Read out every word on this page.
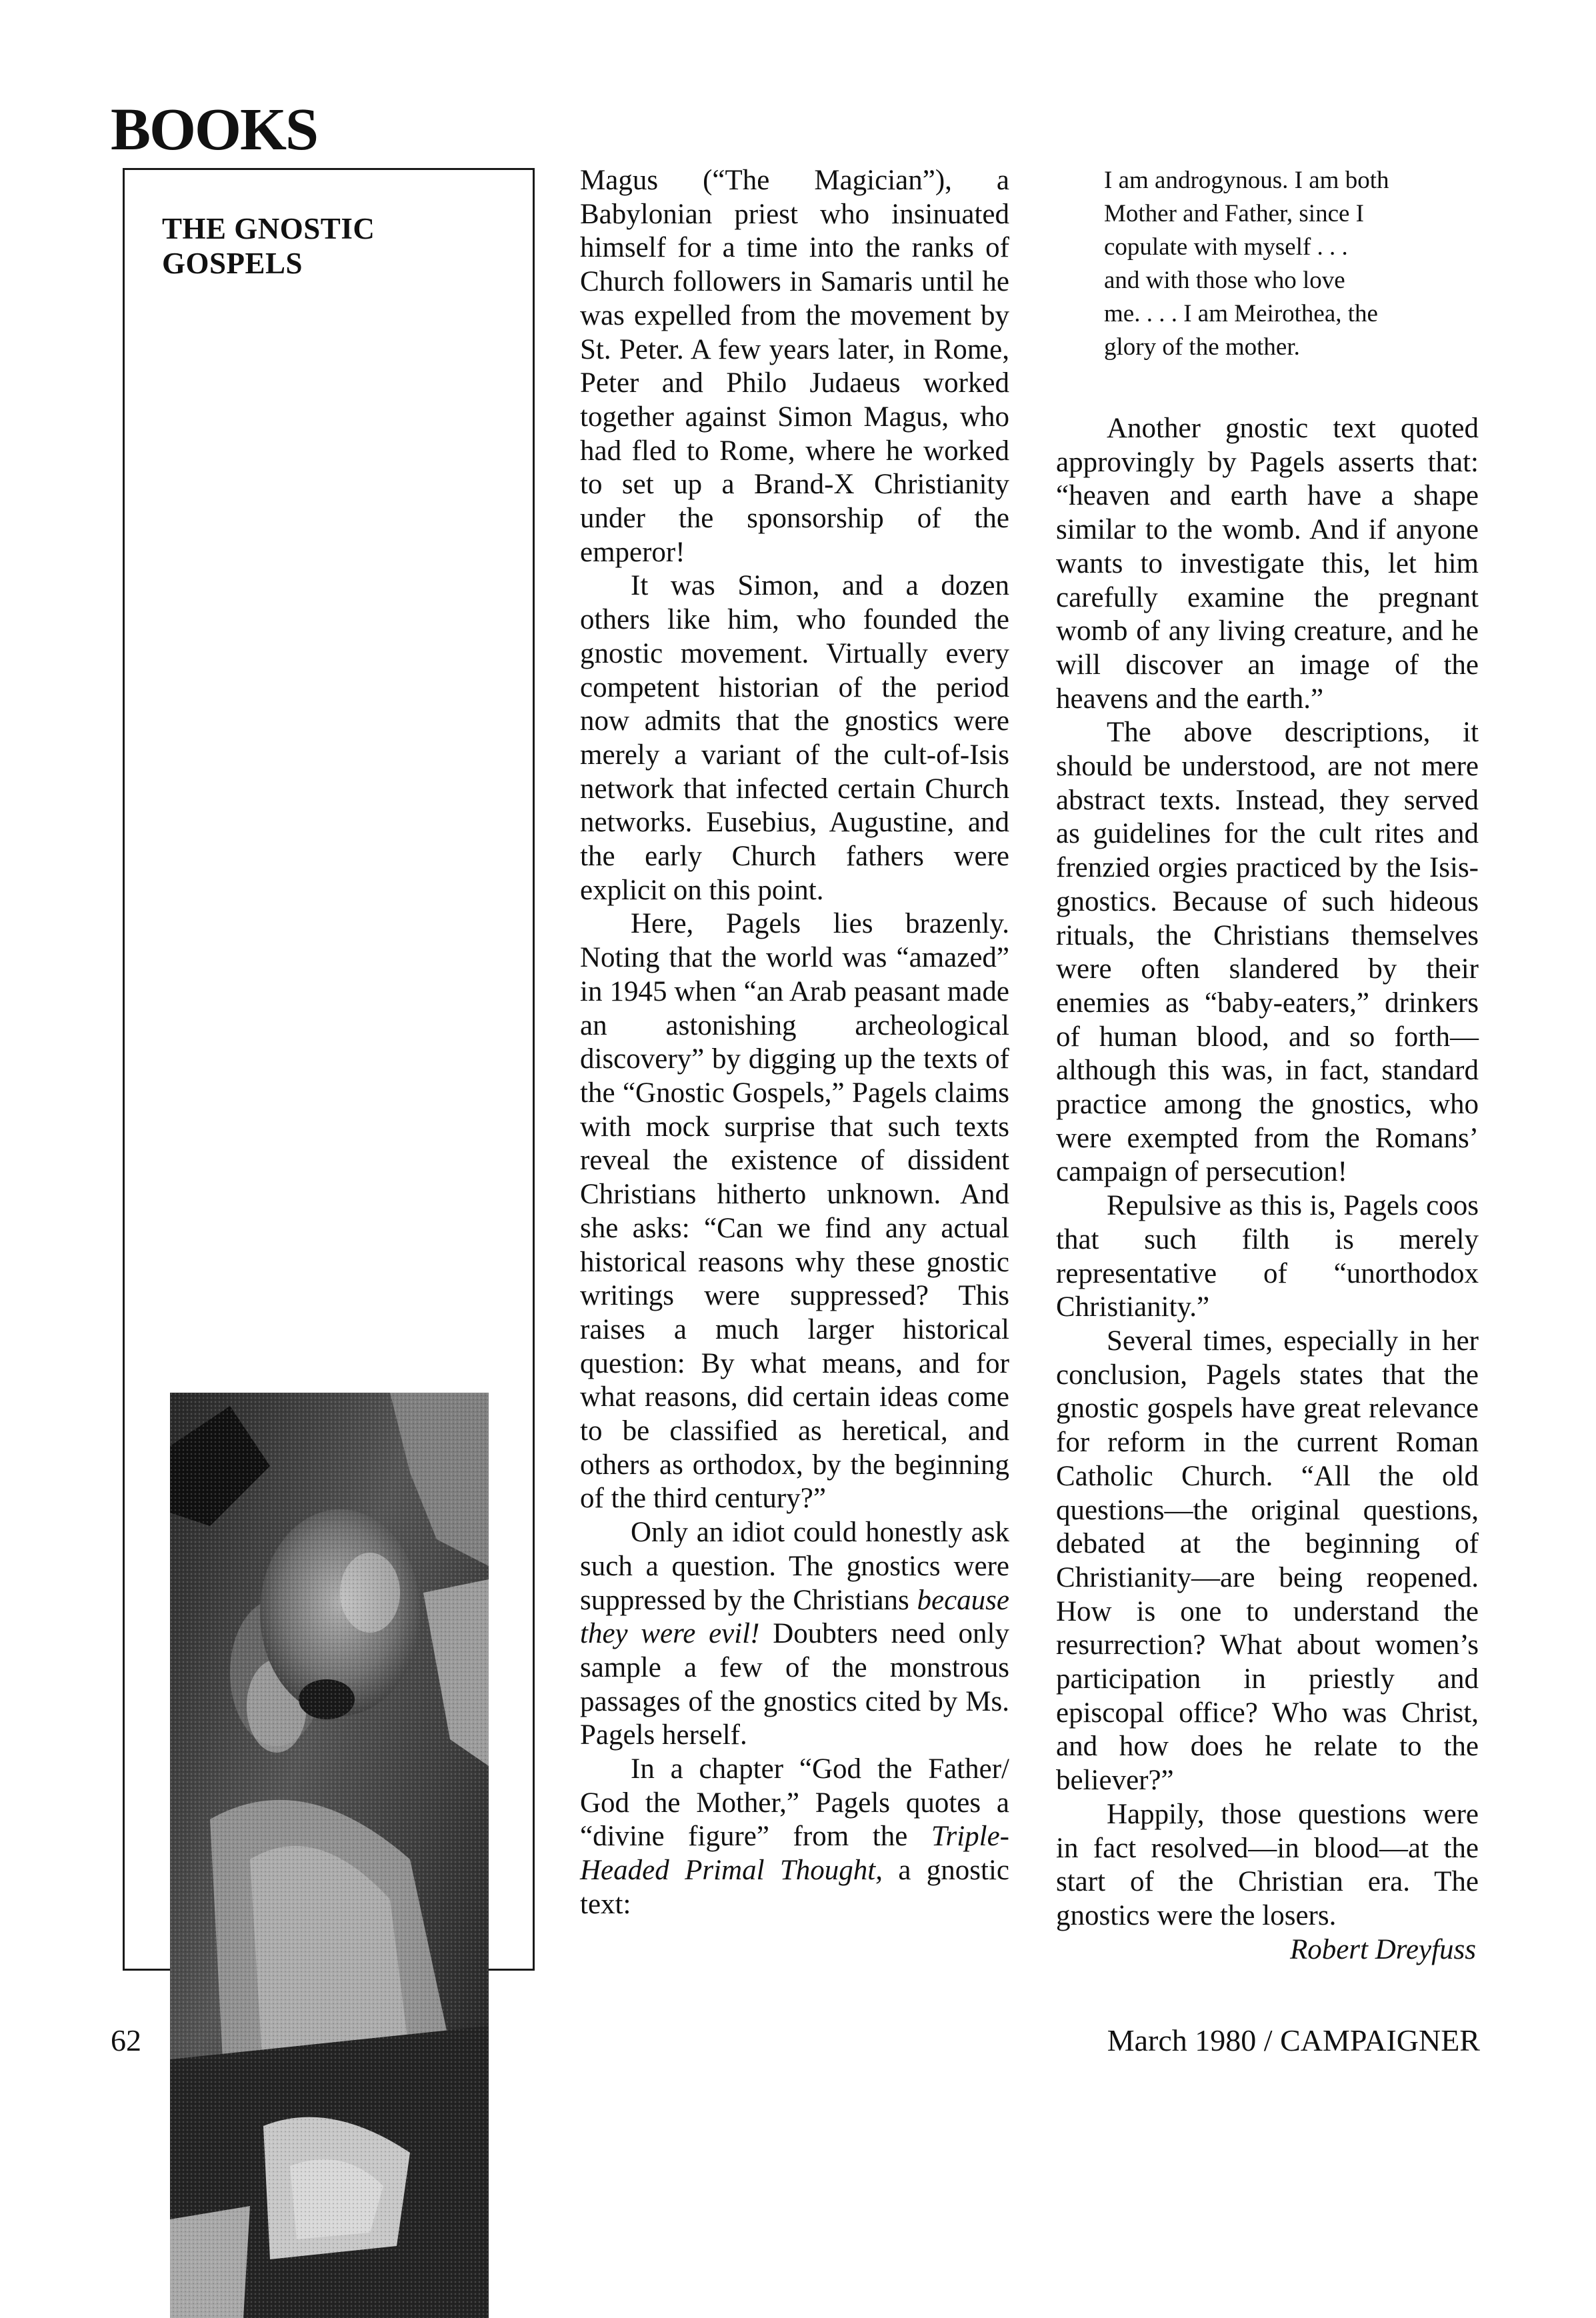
BOOKS
THE GNOSTIC GOSPELS

Magus (“The Magician”), a Babylonian priest who insinuated himself for a time into the ranks of Church followers in Samaris until he was expelled from the movement by St. Peter. A few years later, in Rome, Peter and Philo Judaeus worked together against Simon Magus, who had fled to Rome, where he worked to set up a Brand-X Christianity under the sponsorship of the emperor!

It was Simon, and a dozen others like him, who founded the gnostic movement. Virtually every competent historian of the period now admits that the gnostics were merely a variant of the cult-of-Isis network that infected certain Church networks. Eusebius, Augustine, and the early Church fathers were explicit on this point.

Here, Pagels lies brazenly. Noting that the world was “amazed” in 1945 when “an Arab peasant made an astonishing archeological discovery” by digging up the texts of the “Gnostic Gospels,” Pagels claims with mock surprise that such texts reveal the existence of dissident Christians hitherto unknown. And she asks: “Can we find any actual historical reasons why these gnostic writings were suppressed? This raises a much larger historical question: By what means, and for what reasons, did certain ideas come to be classified as heretical, and others as orthodox, by the beginning of the third century?”

Only an idiot could honestly ask such a question. The gnostics were suppressed by the Christians because they were evil! Doubters need only sample a few of the monstrous passages of the gnostics cited by Ms. Pagels herself.

In a chapter “God the Father/ God the Mother,” Pagels quotes a “divine figure” from the Triple-Headed Primal Thought, a gnostic text:

I am androgynous. I am both
Mother and Father, since I
copulate with myself . . .
and with those who love
me. . . . I am Meirothea, the
glory of the mother.

Another gnostic text quoted approvingly by Pagels asserts that: “heaven and earth have a shape similar to the womb. And if anyone wants to investigate this, let him carefully examine the pregnant womb of any living creature, and he will discover an image of the heavens and the earth.”

The above descriptions, it should be understood, are not mere abstract texts. Instead, they served as guidelines for the cult rites and frenzied orgies practiced by the Isis-gnostics. Because of such hideous rituals, the Christians themselves were often slandered by their enemies as “baby-eaters,” drinkers of human blood, and so forth—although this was, in fact, standard practice among the gnostics, who were exempted from the Romans’ campaign of persecution!

Repulsive as this is, Pagels coos that such filth is merely representative of “unorthodox Christianity.”

Several times, especially in her conclusion, Pagels states that the gnostic gospels have great relevance for reform in the current Roman Catholic Church. “All the old questions—the original questions, debated at the beginning of Christianity—are being reopened. How is one to understand the resurrection? What about women’s participation in priestly and episcopal office? Who was Christ, and how does he relate to the believer?”

Happily, those questions were in fact resolved—in blood—at the start of the Christian era. The gnostics were the losers.

Robert Dreyfuss

62	March 1980 / CAMPAIGNER
